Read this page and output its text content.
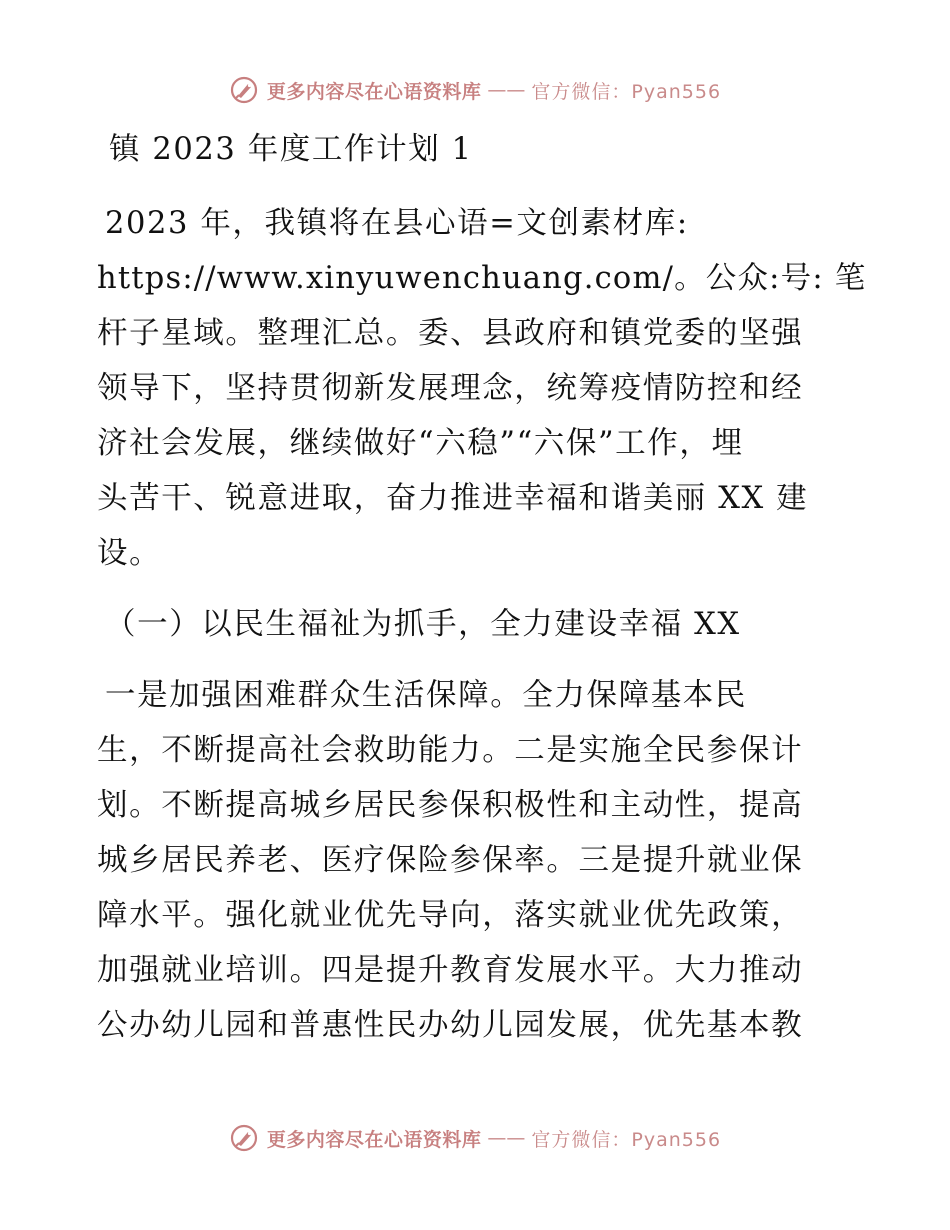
更多内容尽在心语资料库 —— 官方微信：Pyan556
镇 2023 年度工作计划 1
2023 年，我镇将在县心语=文创素材库:
https://www.xinyuwenchuang.com/。公众:号: 笔
杆子星域。整理汇总。委、县政府和镇党委的坚强
领导下，坚持贯彻新发展理念，统筹疫情防控和经
济社会发展，继续做好“六稳”“六保”工作，埋
头苦干、锐意进取，奋力推进幸福和谐美丽 XX 建
设。
（一）以民生福祉为抓手，全力建设幸福 XX
一是加强困难群众生活保障。全力保障基本民
生，不断提高社会救助能力。二是实施全民参保计
划。不断提高城乡居民参保积极性和主动性，提高
城乡居民养老、医疗保险参保率。三是提升就业保
障水平。强化就业优先导向，落实就业优先政策，
加强就业培训。四是提升教育发展水平。大力推动
公办幼儿园和普惠性民办幼儿园发展，优先基本教
更多内容尽在心语资料库 —— 官方微信：Pyan556
